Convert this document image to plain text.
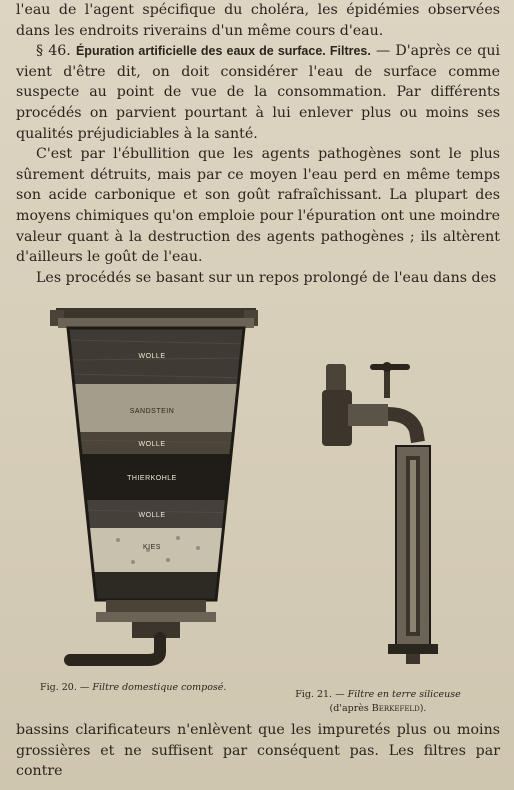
l'eau de l'agent spécifique du choléra, les épidémies observées dans les endroits riverains d'un même cours d'eau.

§ 46. Épuration artificielle des eaux de surface. Filtres. — D'après ce qui vient d'être dit, on doit considérer l'eau de surface comme suspecte au point de vue de la consommation. Par différents procédés on parvient pourtant à lui enlever plus ou moins ses qualités préjudiciables à la santé.

C'est par l'ébullition que les agents pathogènes sont le plus sûrement détruits, mais par ce moyen l'eau perd en même temps son acide carbonique et son goût rafraîchissant. La plupart des moyens chimiques qu'on emploie pour l'épuration ont une moindre valeur quant à la destruction des agents pathogènes ; ils altèrent d'ailleurs le goût de l'eau.

Les procédés se basant sur un repos prolongé de l'eau dans des

WOLLE
SANDSTEIN
WOLLE
THIERKOHLE
WOLLE
KIES
Fig. 20. — Filtre domestique composé.
Fig. 21. — Filtre en terre siliceuse
(d'après Berkefeld).

bassins clarificateurs n'enlèvent que les impuretés plus ou moins grossières et ne suffisent par conséquent pas. Les filtres par contre
